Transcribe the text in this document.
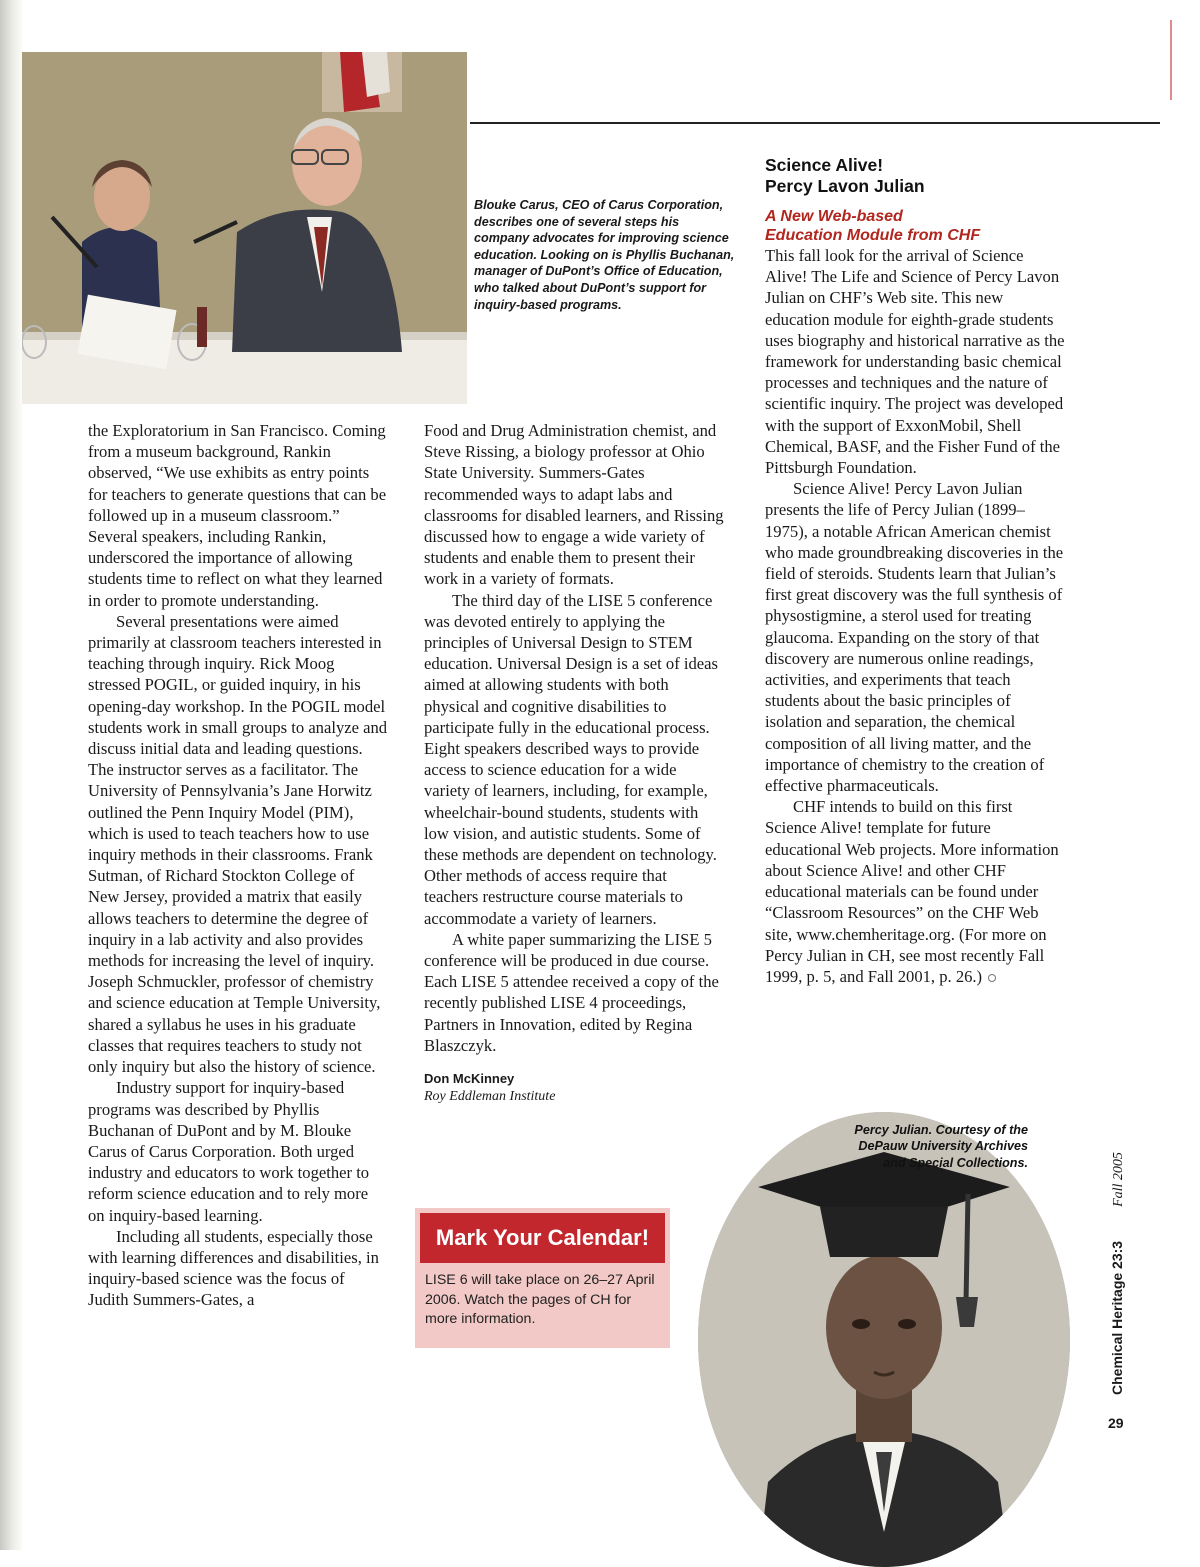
Blouke Carus, CEO of Carus Corporation, describes one of several steps his company advocates for improving science education. Looking on is Phyllis Buchanan, manager of DuPont’s Office of Education, who talked about DuPont’s support for inquiry-based programs.

the Exploratorium in San Francisco. Coming from a museum background, Rankin observed, “We use exhibits as entry points for teachers to generate questions that can be followed up in a museum classroom.” Several speakers, including Rankin, underscored the importance of allowing students time to reflect on what they learned in order to promote understanding.

Several presentations were aimed primarily at classroom teachers interested in teaching through inquiry. Rick Moog stressed POGIL, or guided inquiry, in his opening-day workshop. In the POGIL model students work in small groups to analyze and discuss initial data and leading questions. The instructor serves as a facilitator. The University of Pennsylvania’s Jane Horwitz outlined the Penn Inquiry Model (PIM), which is used to teach teachers how to use inquiry methods in their classrooms. Frank Sutman, of Richard Stockton College of New Jersey, provided a matrix that easily allows teachers to determine the degree of inquiry in a lab activity and also provides methods for increasing the level of inquiry. Joseph Schmuckler, professor of chemistry and science education at Temple University, shared a syllabus he uses in his graduate classes that requires teachers to study not only inquiry but also the history of science.

Industry support for inquiry-based programs was described by Phyllis Buchanan of DuPont and by M. Blouke Carus of Carus Corporation. Both urged industry and educators to work together to reform science education and to rely more on inquiry-based learning.

Including all students, especially those with learning differences and disabilities, in inquiry-based science was the focus of Judith Summers-Gates, a

Food and Drug Administration chemist, and Steve Rissing, a biology professor at Ohio State University. Summers-Gates recommended ways to adapt labs and classrooms for disabled learners, and Rissing discussed how to engage a wide variety of students and enable them to present their work in a variety of formats.

The third day of the LISE 5 conference was devoted entirely to applying the principles of Universal Design to STEM education. Universal Design is a set of ideas aimed at allowing students with both physical and cognitive disabilities to participate fully in the educational process. Eight speakers described ways to provide access to science education for a wide variety of learners, including, for example, wheelchair-bound students, students with low vision, and autistic students. Some of these methods are dependent on technology. Other methods of access require that teachers restructure course materials to accommodate a variety of learners.

A white paper summarizing the LISE 5 conference will be produced in due course. Each LISE 5 attendee received a copy of the recently published LISE 4 proceedings, Partners in Innovation, edited by Regina Blaszczyk.

Don McKinney
Roy Eddleman Institute
Mark Your Calendar!
LISE 6 will take place on 26–27 April 2006. Watch the pages of CH for more information.
Science Alive!
Percy Lavon Julian
A New Web-based
Education Module from CHF

This fall look for the arrival of Science Alive! The Life and Science of Percy Lavon Julian on CHF’s Web site. This new education module for eighth-grade students uses biography and historical narrative as the framework for understanding basic chemical processes and techniques and the nature of scientific inquiry. The project was developed with the support of ExxonMobil, Shell Chemical, BASF, and the Fisher Fund of the Pittsburgh Foundation.

Science Alive! Percy Lavon Julian presents the life of Percy Julian (1899–1975), a notable African American chemist who made groundbreaking discoveries in the field of steroids. Students learn that Julian’s first great discovery was the full synthesis of physostigmine, a sterol used for treating glaucoma. Expanding on the story of that discovery are numerous online readings, activities, and experiments that teach students about the basic principles of isolation and separation, the chemical composition of all living matter, and the importance of chemistry to the creation of effective pharmaceuticals.

CHF intends to build on this first Science Alive! template for future educational Web projects. More information about Science Alive! and other CHF educational materials can be found under “Classroom Resources” on the CHF Web site, www.chemheritage.org. (For more on Percy Julian in CH, see most recently Fall 1999, p. 5, and Fall 2001, p. 26.)

Percy Julian. Courtesy of the DePauw University Archives and Special Collections.
Chemical Heritage 23:3Fall 2005
29
